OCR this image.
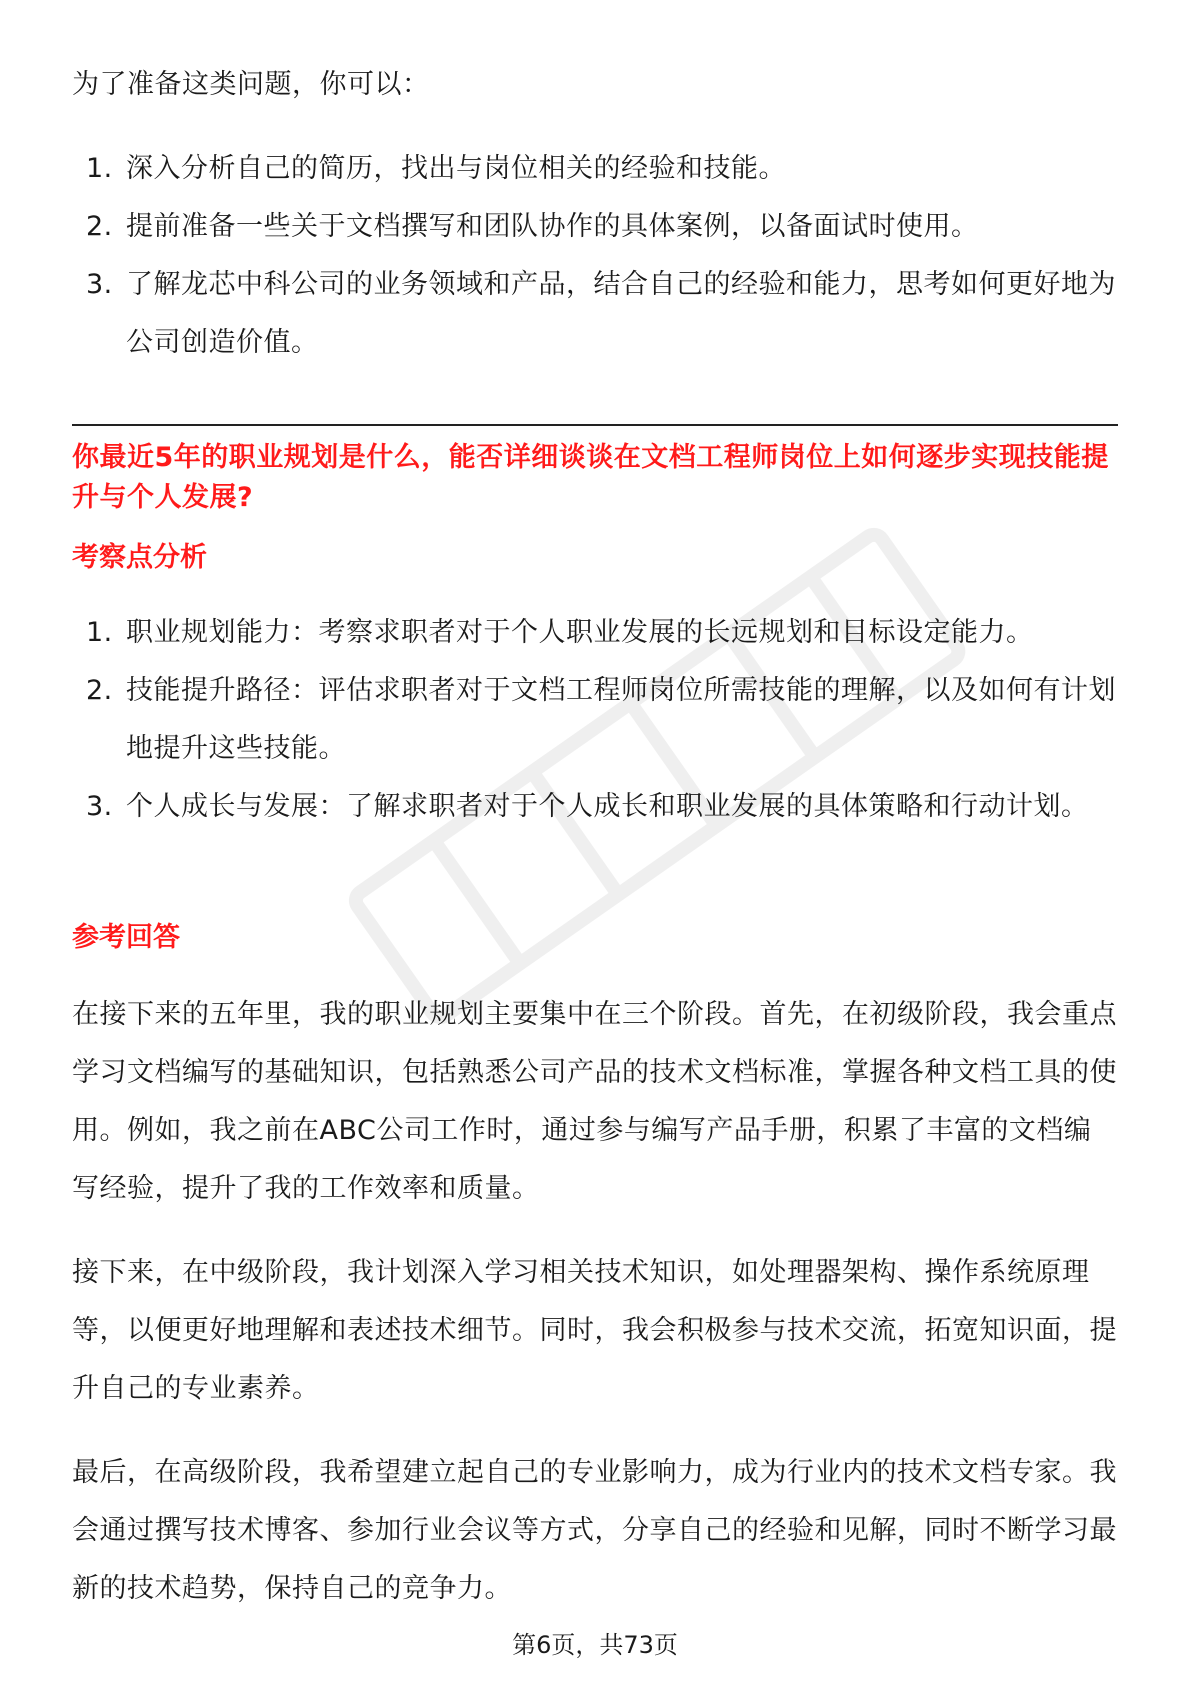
为了准备这类问题，你可以：
1. 深入分析自己的简历，找出与岗位相关的经验和技能。
2. 提前准备一些关于文档撰写和团队协作的具体案例，以备面试时使用。
3. 了解龙芯中科公司的业务领域和产品，结合自己的经验和能力，思考如何更好地为公司创造价值。
你最近5年的职业规划是什么，能否详细谈谈在文档工程师岗位上如何逐步实现技能提升与个人发展?
考察点分析
1. 职业规划能力：考察求职者对于个人职业发展的长远规划和目标设定能力。
2. 技能提升路径：评估求职者对于文档工程师岗位所需技能的理解，以及如何有计划地提升这些技能。
3. 个人成长与发展：了解求职者对于个人成长和职业发展的具体策略和行动计划。
参考回答
在接下来的五年里，我的职业规划主要集中在三个阶段。首先，在初级阶段，我会重点学习文档编写的基础知识，包括熟悉公司产品的技术文档标准，掌握各种文档工具的使用。例如，我之前在ABC公司工作时，通过参与编写产品手册，积累了丰富的文档编写经验，提升了我的工作效率和质量。
接下来，在中级阶段，我计划深入学习相关技术知识，如处理器架构、操作系统原理等，以便更好地理解和表述技术细节。同时，我会积极参与技术交流，拓宽知识面，提升自己的专业素养。
最后，在高级阶段，我希望建立起自己的专业影响力，成为行业内的技术文档专家。我会通过撰写技术博客、参加行业会议等方式，分享自己的经验和见解，同时不断学习最新的技术趋势，保持自己的竞争力。
第6页，共73页
